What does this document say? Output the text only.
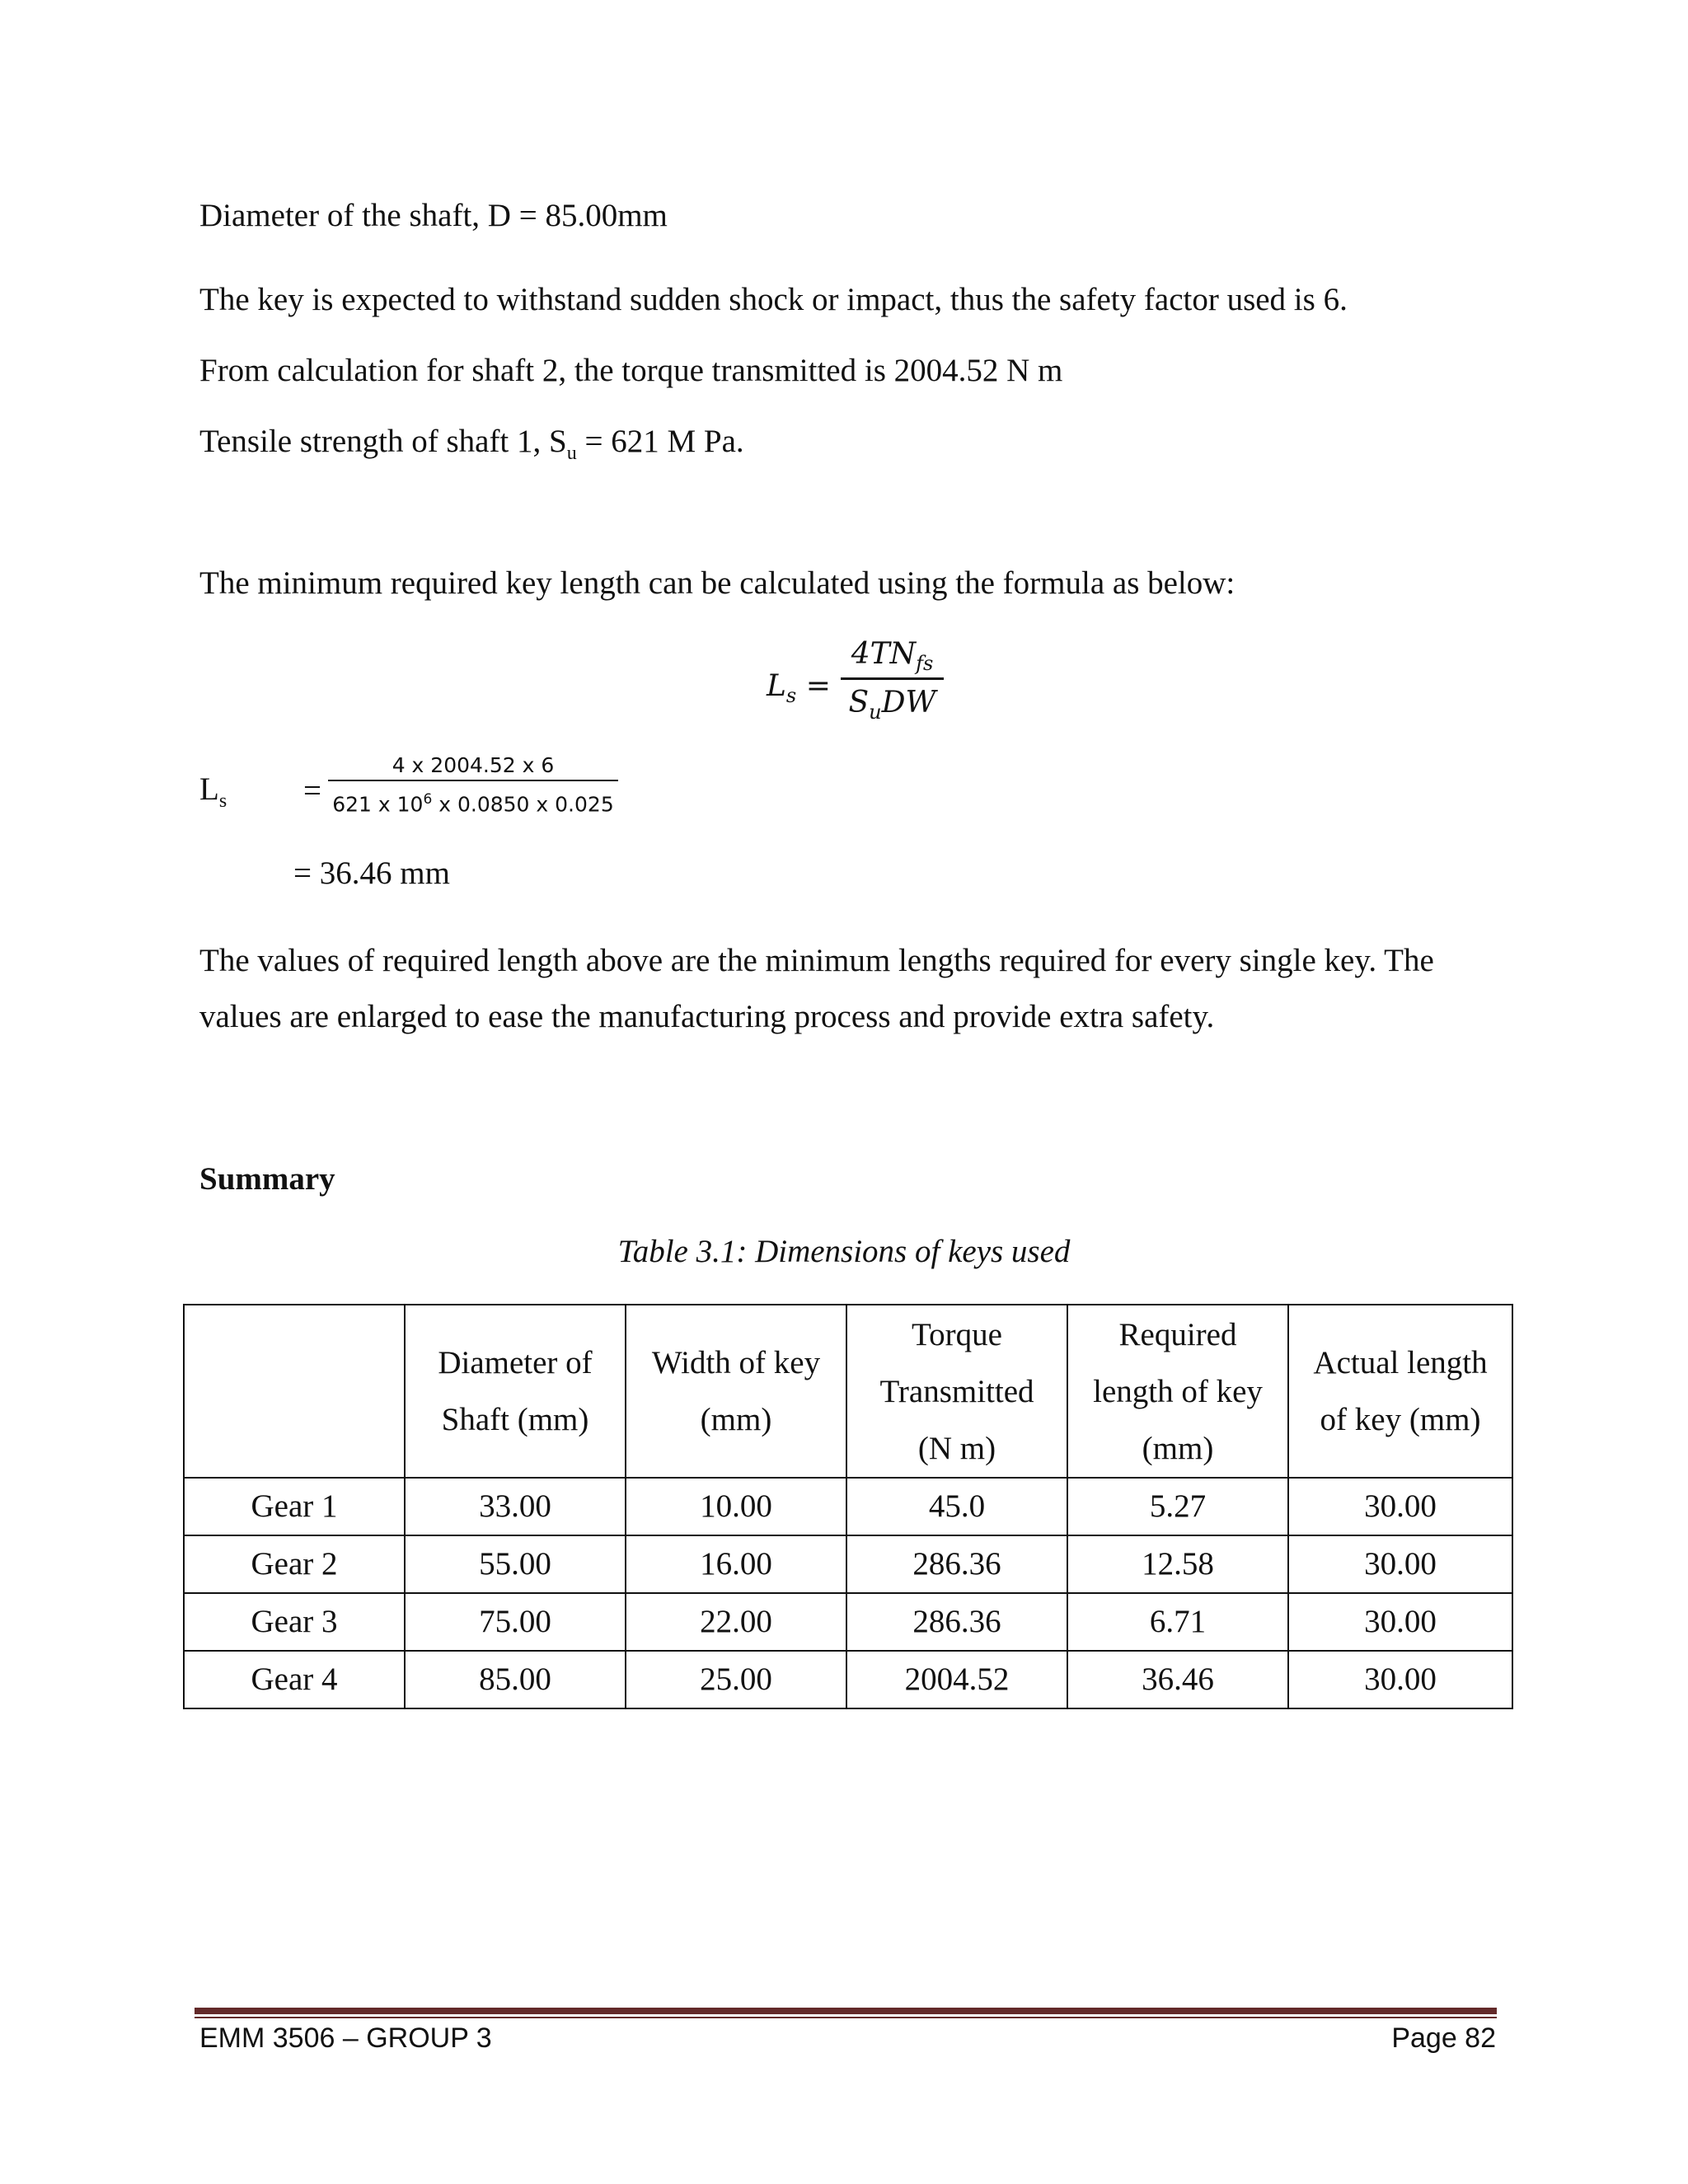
Diameter of the shaft, D = 85.00mm

The key is expected to withstand sudden shock or impact, thus the safety factor used is 6.

From calculation for shaft 2, the torque transmitted is 2004.52 N m

Tensile strength of shaft 1, $S_u = 621$ M Pa.

The minimum required key length can be calculated using the formula as below:

$L_s$ =
$4TN_{fs}$
$S_uDW$
$L_s$ =
4 x 2004.52 x 6
621 x $10^6$ x 0.0850 x 0.025

= 36.46 mm

The values of required length above are the minimum lengths required for every single key. The

values are enlarged to ease the manufacturing process and provide extra safety.

Summary

Table 3.1: Dimensions of keys used

	Diameter of
Shaft (mm)	Width of key
(mm)	Torque
Transmitted
(N m)	Required
length of key
(mm)	Actual length
of key (mm)

Gear 1	33.00	10.00	45.0	5.27	30.00
Gear 2	55.00	16.00	286.36	12.58	30.00
Gear 3	75.00	22.00	286.36	6.71	30.00
Gear 4	85.00	25.00	2004.52	36.46	30.00

EMM 3506 – GROUP 3	Page 82
